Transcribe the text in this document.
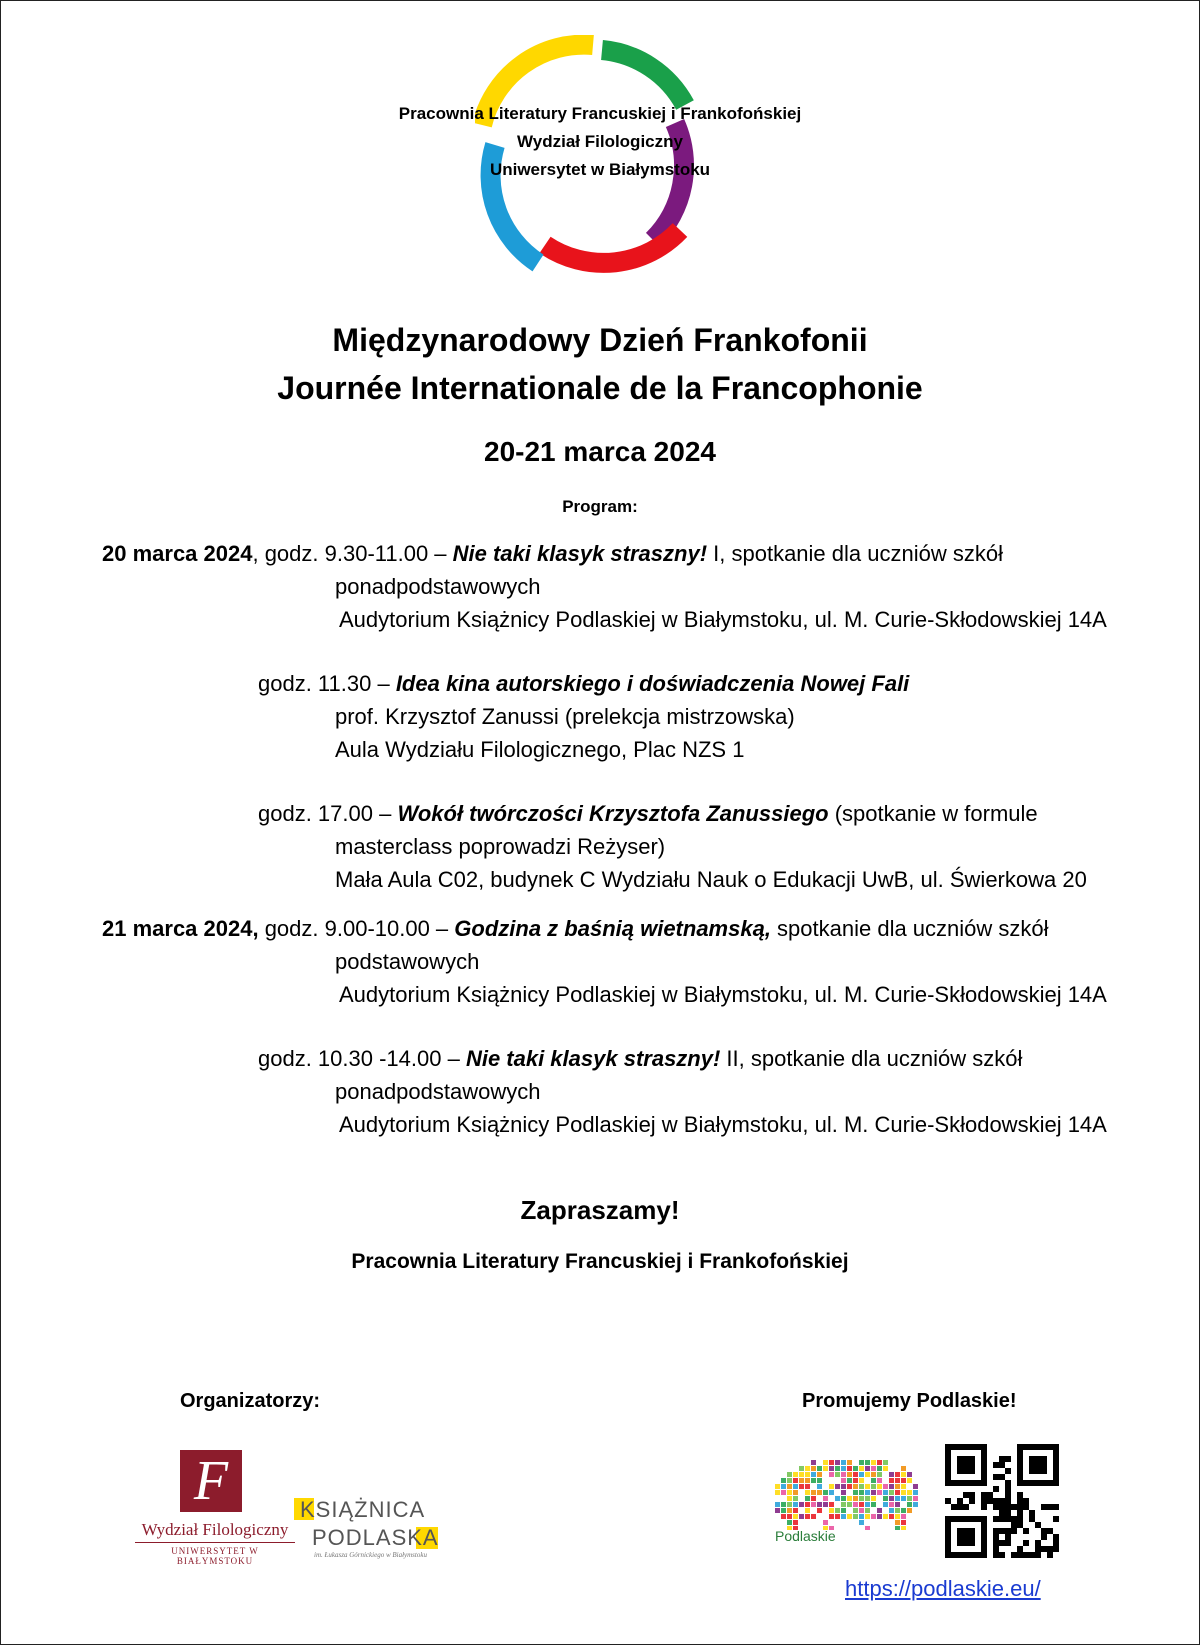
Pracownia Literatury Francuskiej i Frankofońskiej
Wydział Filologiczny
Uniwersytet w Białymstoku
Międzynarodowy Dzień Frankofonii
Journée Internationale de la Francophonie
20-21 marca 2024
Program:
20 marca 2024, godz. 9.30-11.00 – Nie taki klasyk straszny! I, spotkanie dla uczniów szkół
ponadpodstawowych
Audytorium Książnicy Podlaskiej w Białymstoku, ul. M. Curie-Skłodowskiej 14A
godz. 11.30 – Idea kina autorskiego i doświadczenia Nowej Fali
prof. Krzysztof Zanussi (prelekcja mistrzowska)
Aula Wydziału Filologicznego, Plac NZS 1
godz. 17.00 – Wokół twórczości Krzysztofa Zanussiego (spotkanie w formule
masterclass poprowadzi Reżyser)
Mała Aula C02, budynek C Wydziału Nauk o Edukacji UwB, ul. Świerkowa 20
21 marca 2024, godz. 9.00-10.00 – Godzina z baśnią wietnamską, spotkanie dla uczniów szkół
podstawowych
Audytorium Książnicy Podlaskiej w Białymstoku, ul. M. Curie-Skłodowskiej 14A
godz. 10.30 -14.00 – Nie taki klasyk straszny! II, spotkanie dla uczniów szkół
ponadpodstawowych
Audytorium Książnicy Podlaskiej w Białymstoku, ul. M. Curie-Skłodowskiej 14A
Zapraszamy!
Pracownia Literatury Francuskiej i Frankofońskiej
Organizatorzy:	Promujemy Podlaskie!
F
Wydział Filologiczny
UNIWERSYTET W BIAŁYMSTOKU
KSIĄŻNICA
PODLASKA
im. Łukasza Górnickiego w Białymstoku
Podlaskie
https://podlaskie.eu/
